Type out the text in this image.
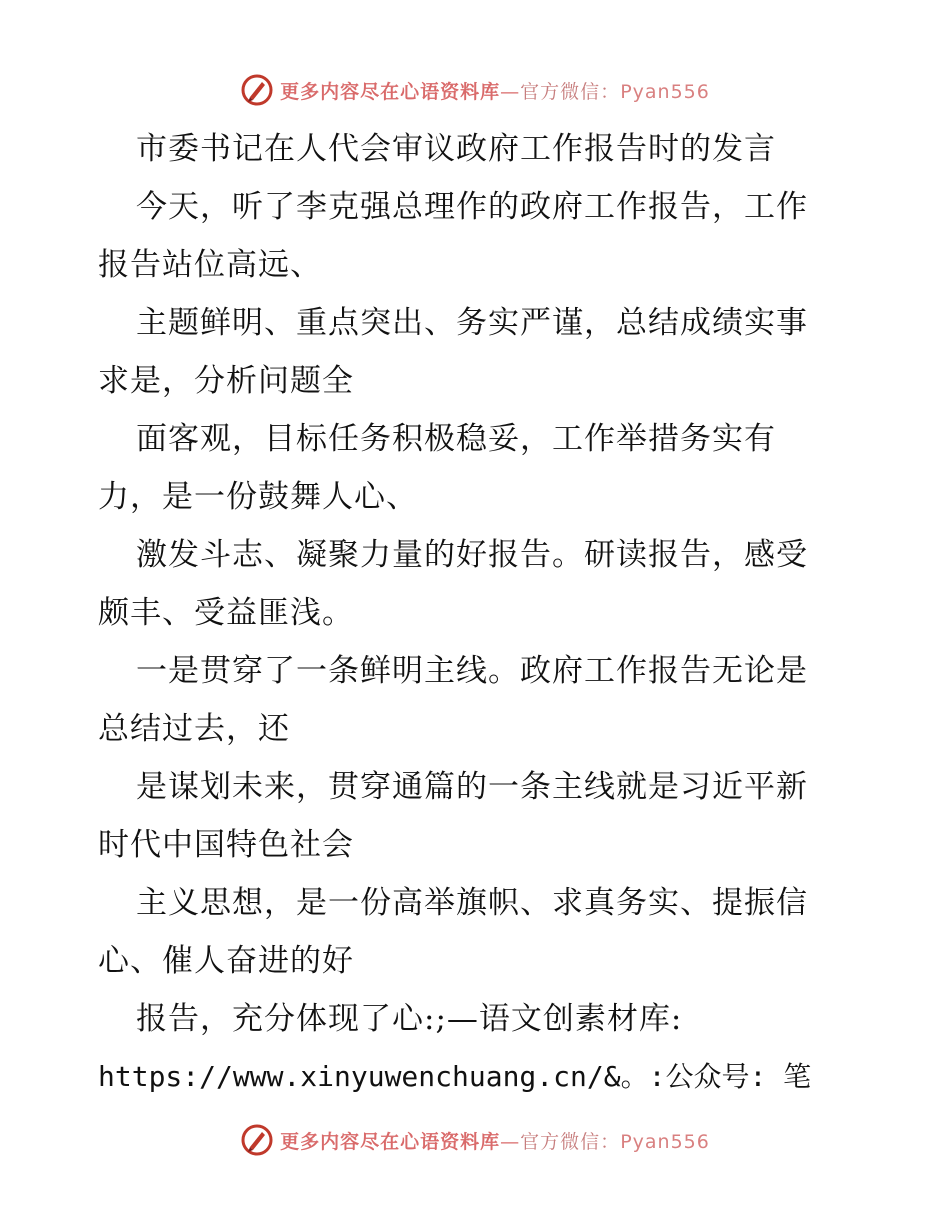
更多内容尽在心语资料库—官方微信：Pyan556
市委书记在人代会审议政府工作报告时的发言
今天，听了李克强总理作的政府工作报告，工作
报告站位高远、
主题鲜明、重点突出、务实严谨，总结成绩实事
求是，分析问题全
面客观，目标任务积极稳妥，工作举措务实有
力，是一份鼓舞人心、
激发斗志、凝聚力量的好报告。研读报告，感受
颇丰、受益匪浅。
一是贯穿了一条鲜明主线。政府工作报告无论是
总结过去，还
是谋划未来，贯穿通篇的一条主线就是习近平新
时代中国特色社会
主义思想，是一份高举旗帜、求真务实、提振信
心、催人奋进的好
报告，充分体现了心:;—语文创素材库:
https://www.xinyuwenchuang.cn/&。:公众号: 笔
更多内容尽在心语资料库—官方微信：Pyan556
